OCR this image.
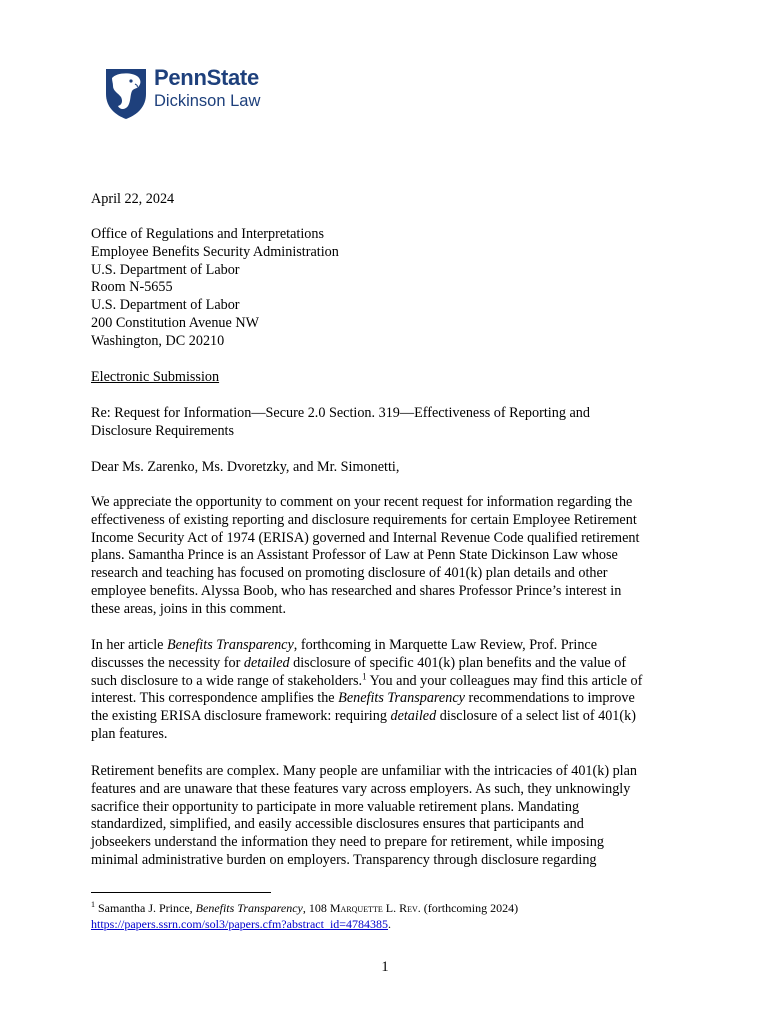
PennState
Dickinson Law
April 22, 2024
Office of Regulations and Interpretations
Employee Benefits Security Administration
U.S. Department of Labor
Room N-5655
U.S. Department of Labor
200 Constitution Avenue NW
Washington, DC 20210
Electronic Submission
Re: Request for Information—Secure 2.0 Section. 319—Effectiveness of Reporting and
Disclosure Requirements
Dear Ms. Zarenko, Ms. Dvoretzky, and Mr. Simonetti,
We appreciate the opportunity to comment on your recent request for information regarding the
effectiveness of existing reporting and disclosure requirements for certain Employee Retirement
Income Security Act of 1974 (ERISA) governed and Internal Revenue Code qualified retirement
plans. Samantha Prince is an Assistant Professor of Law at Penn State Dickinson Law whose
research and teaching has focused on promoting disclosure of 401(k) plan details and other
employee benefits. Alyssa Boob, who has researched and shares Professor Prince’s interest in
these areas, joins in this comment.
In her article Benefits Transparency, forthcoming in Marquette Law Review, Prof. Prince
discusses the necessity for detailed disclosure of specific 401(k) plan benefits and the value of
such disclosure to a wide range of stakeholders.$^1$ You and your colleagues may find this article of
interest. This correspondence amplifies the Benefits Transparency recommendations to improve
the existing ERISA disclosure framework: requiring detailed disclosure of a select list of 401(k)
plan features.
Retirement benefits are complex. Many people are unfamiliar with the intricacies of 401(k) plan
features and are unaware that these features vary across employers. As such, they unknowingly
sacrifice their opportunity to participate in more valuable retirement plans. Mandating
standardized, simplified, and easily accessible disclosures ensures that participants and
jobseekers understand the information they need to prepare for retirement, while imposing
minimal administrative burden on employers. Transparency through disclosure regarding
$^1$ Samantha J. Prince, Benefits Transparency, 108 Marquette L. Rev. (forthcoming 2024)
https://papers.ssrn.com/sol3/papers.cfm?abstract_id=4784385.
1
